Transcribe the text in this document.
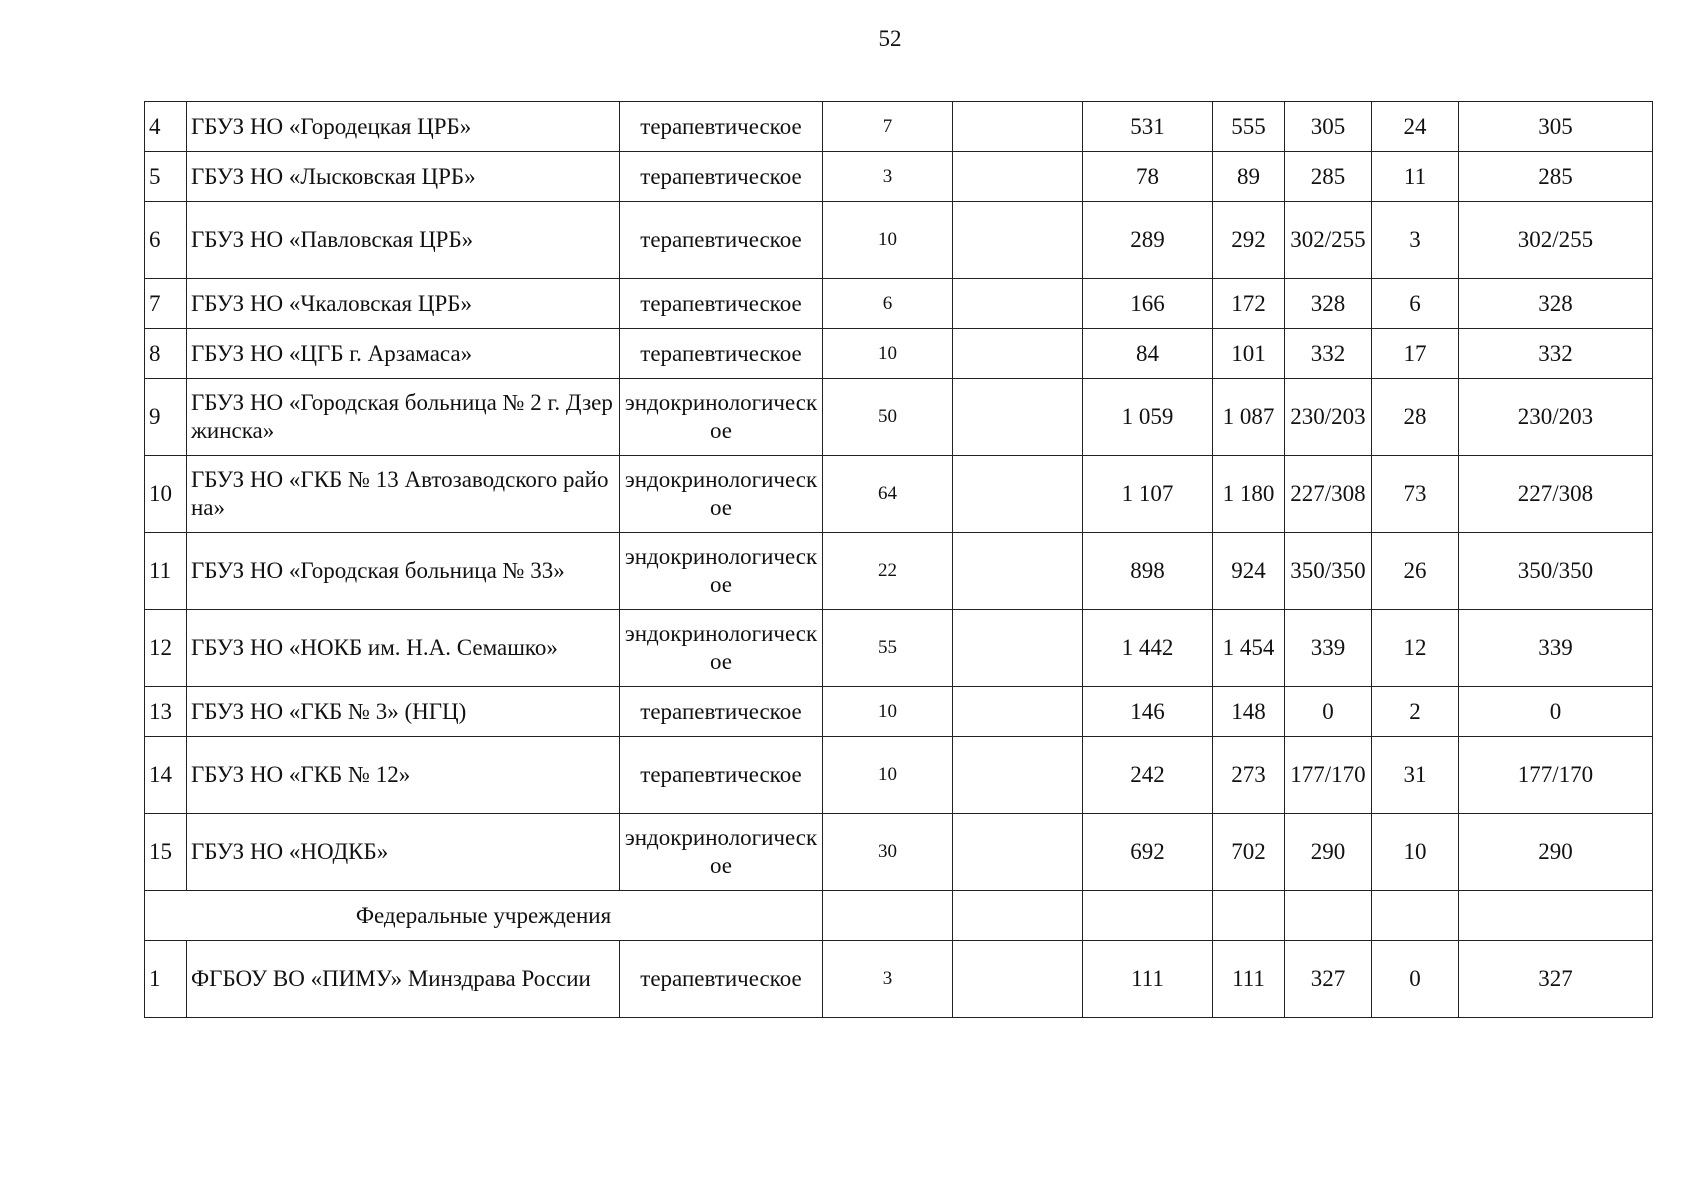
52
4	ГБУЗ НО «Городецкая ЦРБ»	терапевтическое	7		531	555	305	24	305
5	ГБУЗ НО «Лысковская ЦРБ»	терапевтическое	3		78	89	285	11	285
6	ГБУЗ НО «Павловская ЦРБ»	терапевтическое	10		289	292	302/255	3	302/255
7	ГБУЗ НО «Чкаловская ЦРБ»	терапевтическое	6		166	172	328	6	328
8	ГБУЗ НО «ЦГБ г. Арзамаса»	терапевтическое	10		84	101	332	17	332
9	ГБУЗ НО «Городская больница № 2 г. Дзержинска»	эндокринологическое	50		1 059	1 087	230/203	28	230/203
10	ГБУЗ НО «ГКБ № 13 Автозаводского района»	эндокринологическое	64		1 107	1 180	227/308	73	227/308
11	ГБУЗ НО «Городская больница № 33»	эндокринологическое	22		898	924	350/350	26	350/350
12	ГБУЗ НО «НОКБ им. Н.А. Семашко»	эндокринологическое	55		1 442	1 454	339	12	339
13	ГБУЗ НО «ГКБ № 3» (НГЦ)	терапевтическое	10		146	148	0	2	0
14	ГБУЗ НО «ГКБ № 12»	терапевтическое	10		242	273	177/170	31	177/170
15	ГБУЗ НО «НОДКБ»	эндокринологическое	30		692	702	290	10	290
Федеральные учреждения									
1	ФГБОУ ВО «ПИМУ» Минздрава России	терапевтическое	3		111	111	327	0	327
